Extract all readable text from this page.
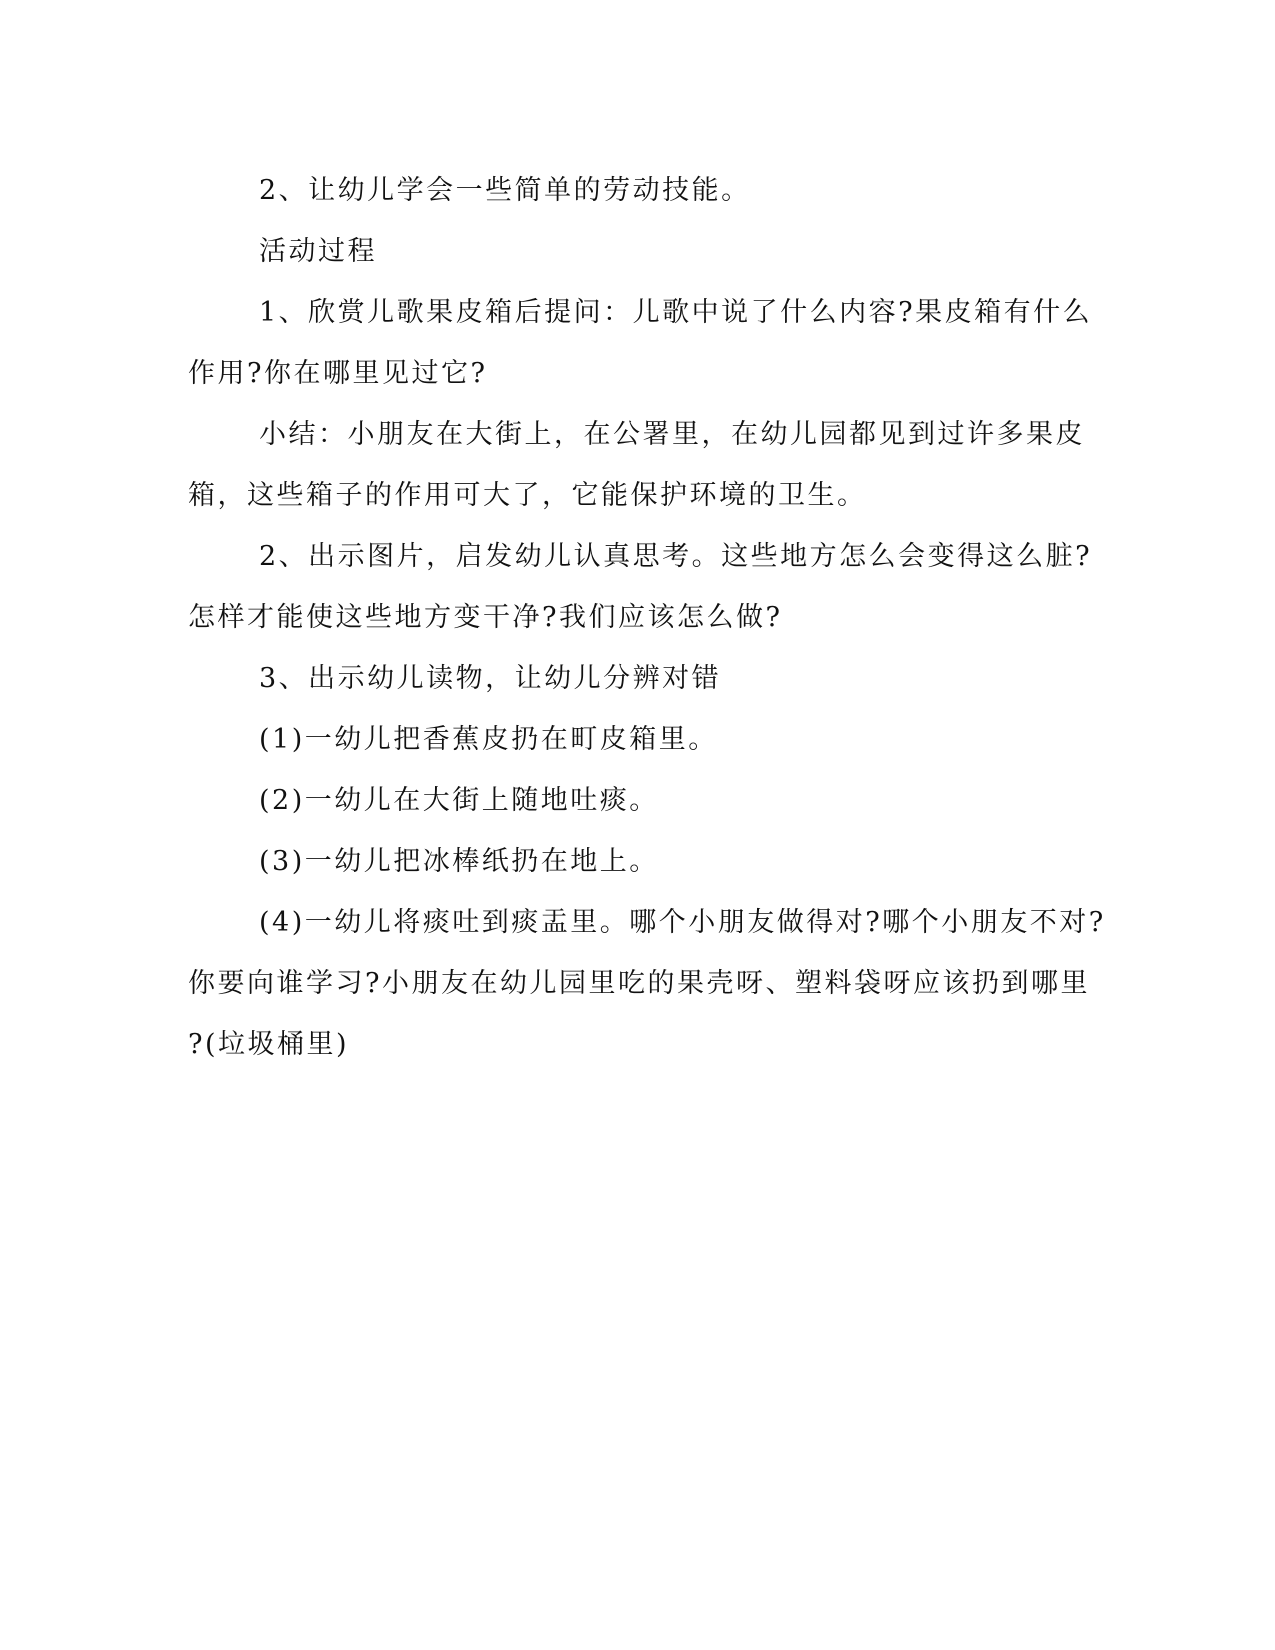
2、让幼儿学会一些简单的劳动技能。

活动过程

1、欣赏儿歌果皮箱后提问：儿歌中说了什么内容?果皮箱有什么
作用?你在哪里见过它?

小结：小朋友在大街上，在公署里，在幼儿园都见到过许多果皮
箱，这些箱子的作用可大了，它能保护环境的卫生。

2、出示图片，启发幼儿认真思考。这些地方怎么会变得这么脏?
怎样才能使这些地方变干净?我们应该怎么做?

3、出示幼儿读物，让幼儿分辨对错

(1)一幼儿把香蕉皮扔在町皮箱里。

(2)一幼儿在大街上随地吐痰。

(3)一幼儿把冰棒纸扔在地上。

(4)一幼儿将痰吐到痰盂里。哪个小朋友做得对?哪个小朋友不对?
你要向谁学习?小朋友在幼儿园里吃的果壳呀、塑料袋呀应该扔到哪里
?(垃圾桶里)
